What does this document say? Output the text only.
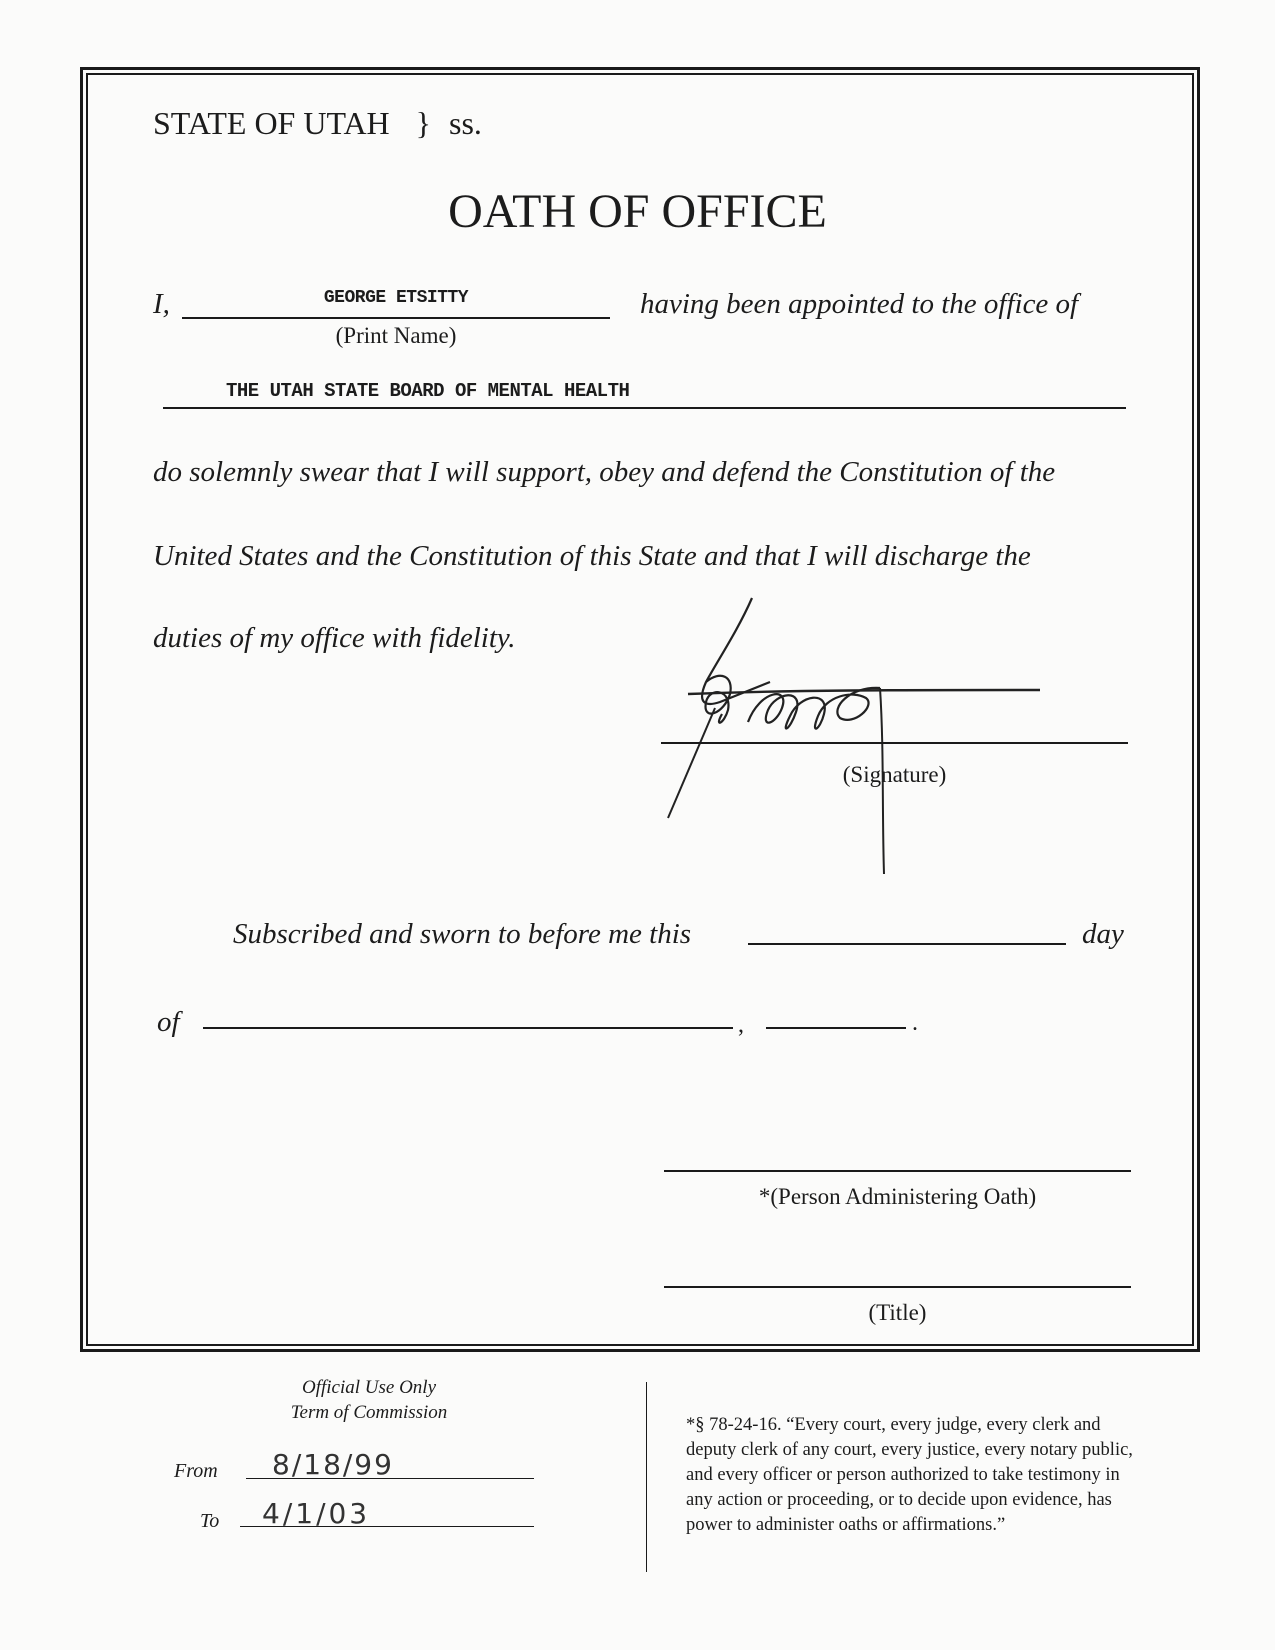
STATE OF UTAH } ss.
OATH OF OFFICE
I,	GEORGE ETSITTY
(Print Name)
having been appointed to the office of
THE UTAH STATE BOARD OF MENTAL HEALTH
do solemnly swear that I will support, obey and defend the Constitution of the
United States and the Constitution of this State and that I will discharge the
duties of my office with fidelity.
(Signature)
Subscribed and sworn to before me this	day
of	,	.
*(Person Administering Oath)
(Title)
Official Use Only
Term of Commission
From 8/18/99
To 4/1/03
*§ 78-24-16. “Every court, every judge, every clerk and
deputy clerk of any court, every justice, every notary public,
and every officer or person authorized to take testimony in
any action or proceeding, or to decide upon evidence, has
power to administer oaths or affirmations.”
